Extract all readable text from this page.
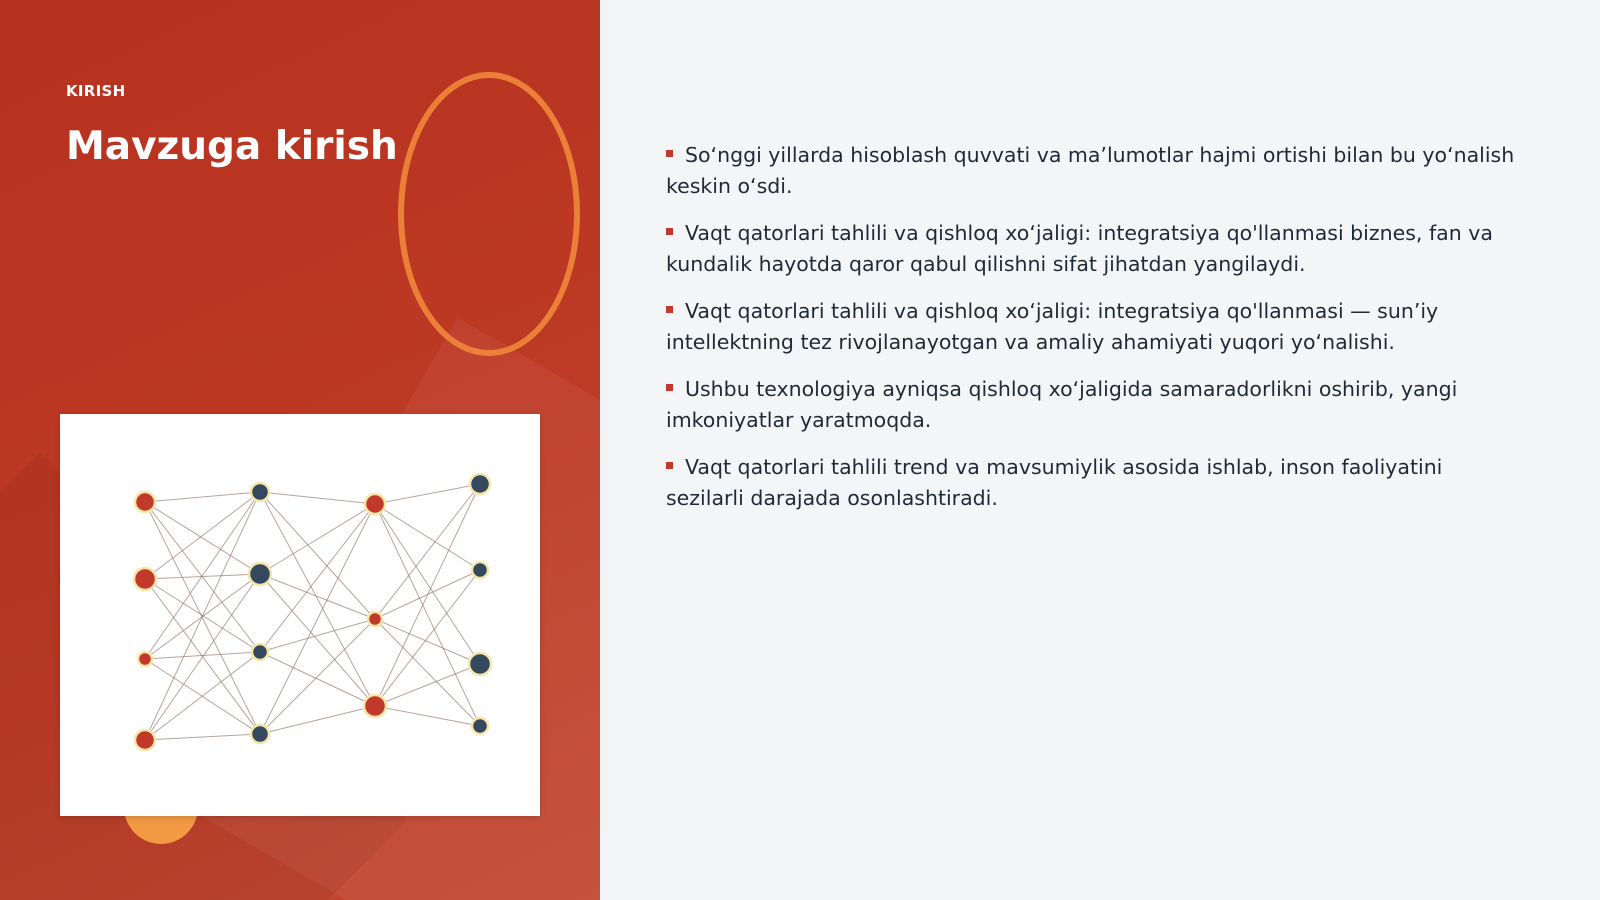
KIRISH
Mavzuga kirish	So‘nggi yillarda hisoblash quvvati va ma’lumotlar hajmi ortishi bilan bu yo‘nalish keskin o‘sdi.
Vaqt qatorlari tahlili va qishloq xo‘jaligi: integratsiya qo'llanmasi biznes, fan va kundalik hayotda qaror qabul qilishni sifat jihatdan yangilaydi.
Vaqt qatorlari tahlili va qishloq xo‘jaligi: integratsiya qo'llanmasi — sun’iy intellektning tez rivojlanayotgan va amaliy ahamiyati yuqori yo‘nalishi.
Ushbu texnologiya ayniqsa qishloq xo‘jaligida samaradorlikni oshirib, yangi imkoniyatlar yaratmoqda.
Vaqt qatorlari tahlili trend va mavsumiylik asosida ishlab, inson faoliyatini sezilarli darajada osonlashtiradi.
